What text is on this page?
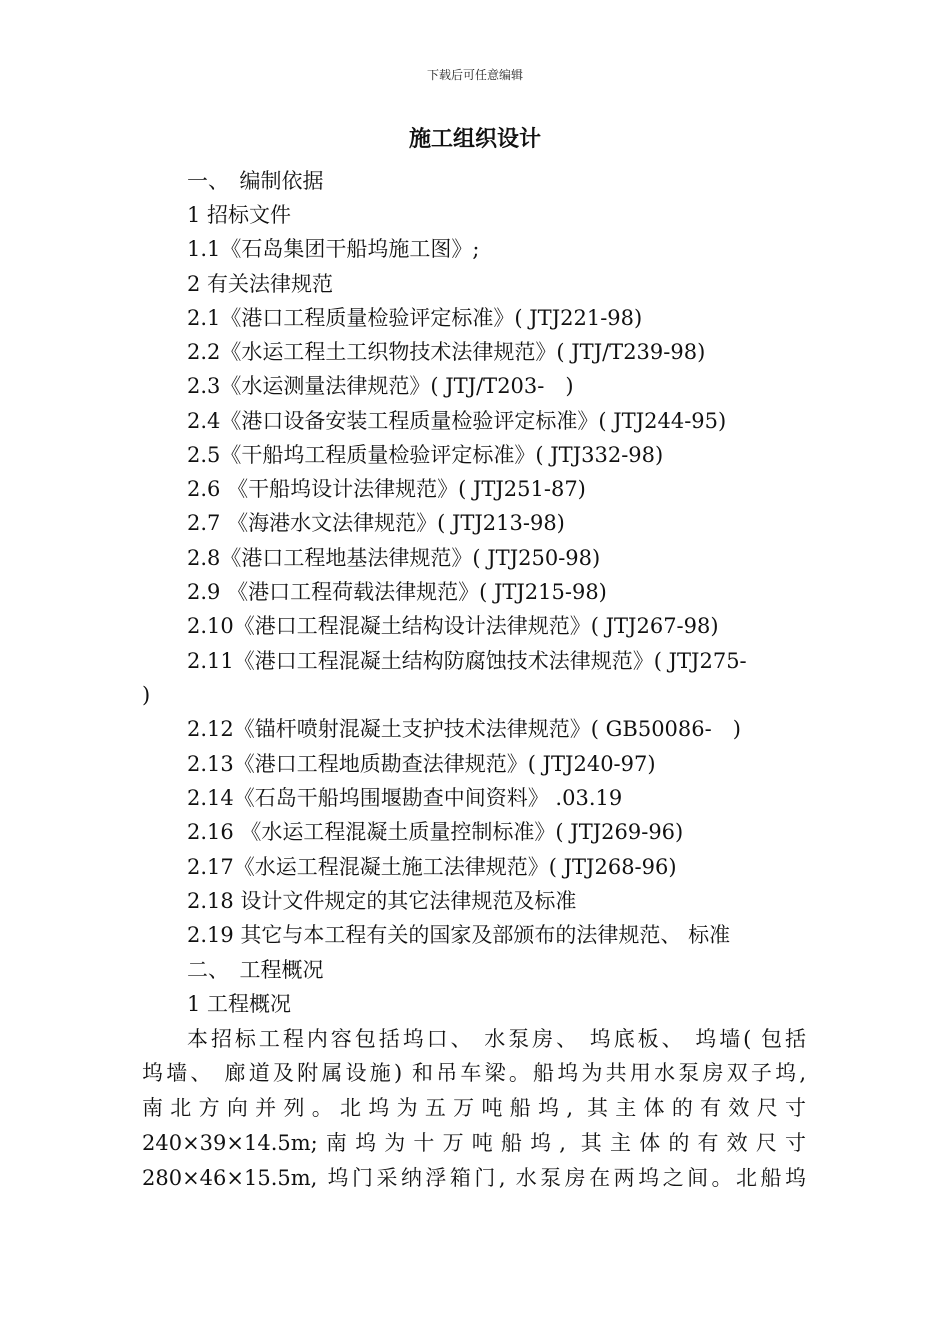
下载后可任意编辑
施工组织设计
一、　编制依据
1 招标文件
1.1《石岛集团干船坞施工图》;
2 有关法律规范
2.1《港口工程质量检验评定标准》( JTJ221-98)
2.2《水运工程土工织物技术法律规范》( JTJ/T239-98)
2.3《水运测量法律规范》( JTJ/T203-　)
2.4《港口设备安装工程质量检验评定标准》( JTJ244-95)
2.5《干船坞工程质量检验评定标准》( JTJ332-98)
2.6 《干船坞设计法律规范》( JTJ251-87)
2.7 《海港水文法律规范》( JTJ213-98)
2.8《港口工程地基法律规范》( JTJ250-98)
2.9 《港口工程荷载法律规范》( JTJ215-98)
2.10《港口工程混凝土结构设计法律规范》( JTJ267-98)
2.11《港口工程混凝土结构防腐蚀技术法律规范》( JTJ275-
)
2.12《锚杆喷射混凝土支护技术法律规范》( GB50086-　)
2.13《港口工程地质勘查法律规范》( JTJ240-97)
2.14《石岛干船坞围堰勘查中间资料》 .03.19
2.16 《水运工程混凝土质量控制标准》( JTJ269-96)
2.17《水运工程混凝土施工法律规范》( JTJ268-96)
2.18 设计文件规定的其它法律规范及标准
2.19 其它与本工程有关的国家及部颁布的法律规范、 标准
二、　工程概况
1 工程概况
本招标工程内容包括坞口、 水泵房、 坞底板、 坞墙( 包括
坞墙、 廊道及附属设施) 和吊车梁。船坞为共用水泵房双子坞,
南北方向并列。北坞为五万吨船坞, 其主体的有效尺寸
240×39×14.5m;南坞为十万吨船坞, 其主体的有效尺寸
280×46×15.5m, 坞门采纳浮箱门, 水泵房在两坞之间。北船坞
